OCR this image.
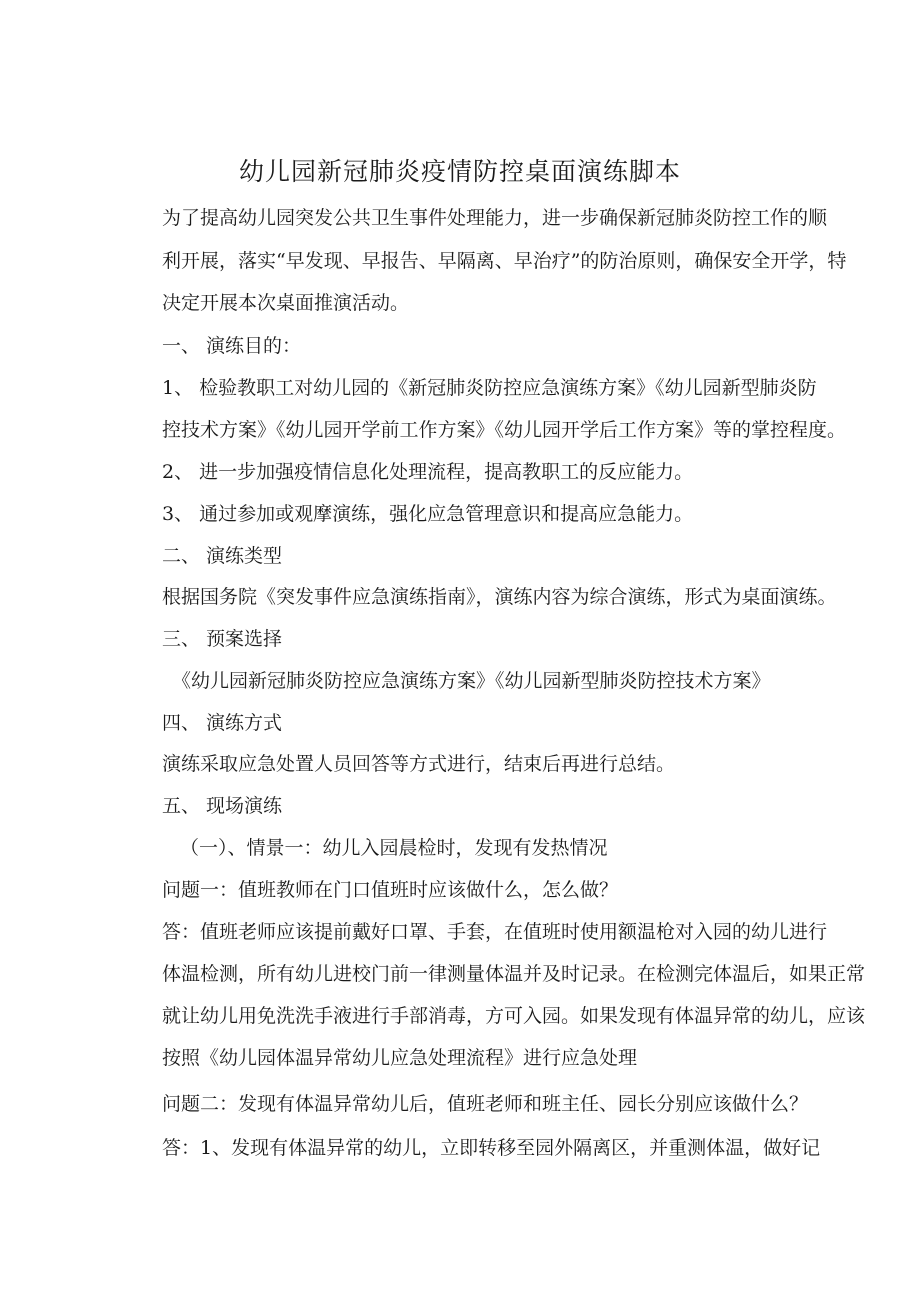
幼儿园新冠肺炎疫情防控桌面演练脚本
为了提高幼儿园突发公共卫生事件处理能力，进一步确保新冠肺炎防控工作的顺
利开展，落实“早发现、早报告、早隔离、早治疗”的防治原则，确保安全开学，特
决定开展本次桌面推演活动。
一、 演练目的：
1、 检验教职工对幼儿园的《新冠肺炎防控应急演练方案》《幼儿园新型肺炎防
控技术方案》《幼儿园开学前工作方案》《幼儿园开学后工作方案》等的掌控程度。
2、 进一步加强疫情信息化处理流程，提高教职工的反应能力。
3、 通过参加或观摩演练，强化应急管理意识和提高应急能力。
二、 演练类型
根据国务院《突发事件应急演练指南》，演练内容为综合演练，形式为桌面演练。
三、 预案选择
《幼儿园新冠肺炎防控应急演练方案》《幼儿园新型肺炎防控技术方案》
四、 演练方式
演练采取应急处置人员回答等方式进行，结束后再进行总结。
五、 现场演练
（一）、情景一：幼儿入园晨检时，发现有发热情况
问题一：值班教师在门口值班时应该做什么，怎么做？
答：值班老师应该提前戴好口罩、手套，在值班时使用额温枪对入园的幼儿进行
体温检测，所有幼儿进校门前一律测量体温并及时记录。在检测完体温后，如果正常
就让幼儿用免洗洗手液进行手部消毒，方可入园。如果发现有体温异常的幼儿，应该
按照《幼儿园体温异常幼儿应急处理流程》进行应急处理
问题二：发现有体温异常幼儿后，值班老师和班主任、园长分别应该做什么？
答：1、发现有体温异常的幼儿，立即转移至园外隔离区，并重测体温，做好记
